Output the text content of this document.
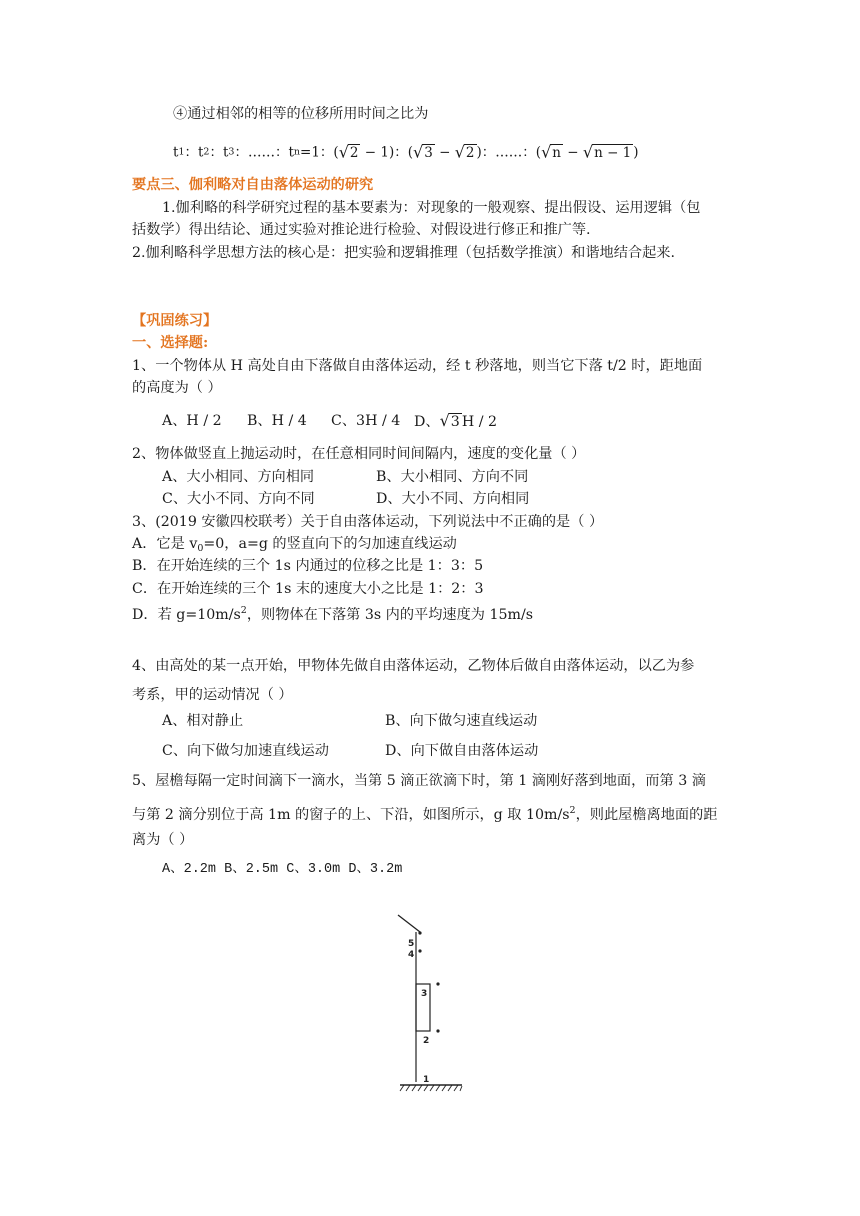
④通过相邻的相等的位移所用时间之比为
t1：t2：t3：……：tn=1：(√2 − 1)：(√3 − √2 )：……：(√n − √n − 1 )
要点三、伽利略对自由落体运动的研究
1.伽利略的科学研究过程的基本要素为：对现象的一般观察、提出假设、运用逻辑（包
括数学）得出结论、通过实验对推论进行检验、对假设进行修正和推广等.
2.伽利略科学思想方法的核心是：把实验和逻辑推理（包括数学推演）和谐地结合起来.
【巩固练习】
一、选择题:
1、一个物体从 H 高处自由下落做自由落体运动，经 t 秒落地，则当它下落 t/2 时，距地面
的高度为（ ）
A、H / 2 B、H / 4 C、3H / 4 D、√3 H / 2
2、物体做竖直上抛运动时，在任意相同时间间隔内，速度的变化量（ ）
A、大小相同、方向相同	B、大小相同、方向不同
C、大小不同、方向不同	D、大小不同、方向相同
3、(2019 安徽四校联考）关于自由落体运动，下列说法中不正确的是（ ）
A．它是 $v_0=0$，a=g 的竖直向下的匀加速直线运动
B．在开始连续的三个 1s 内通过的位移之比是 1：3：5
C．在开始连续的三个 1s 末的速度大小之比是 1：2：3
D．若 $g=10m/s^2$，则物体在下落第 3s 内的平均速度为 15m/s
4、由高处的某一点开始，甲物体先做自由落体运动，乙物体后做自由落体运动，以乙为参
考系，甲的运动情况（ ）
A、相对静止	B、向下做匀速直线运动
C、向下做匀加速直线运动	D、向下做自由落体运动
5、屋檐每隔一定时间滴下一滴水，当第 5 滴正欲滴下时，第 1 滴刚好落到地面，而第 3 滴
与第 2 滴分别位于高 1m 的窗子的上、下沿，如图所示，g 取 $10m/s^2$，则此屋檐离地面的距
离为（ ）
A、2.2m B、2.5m C、3.0m D、3.2m
5
4
3
2
1
